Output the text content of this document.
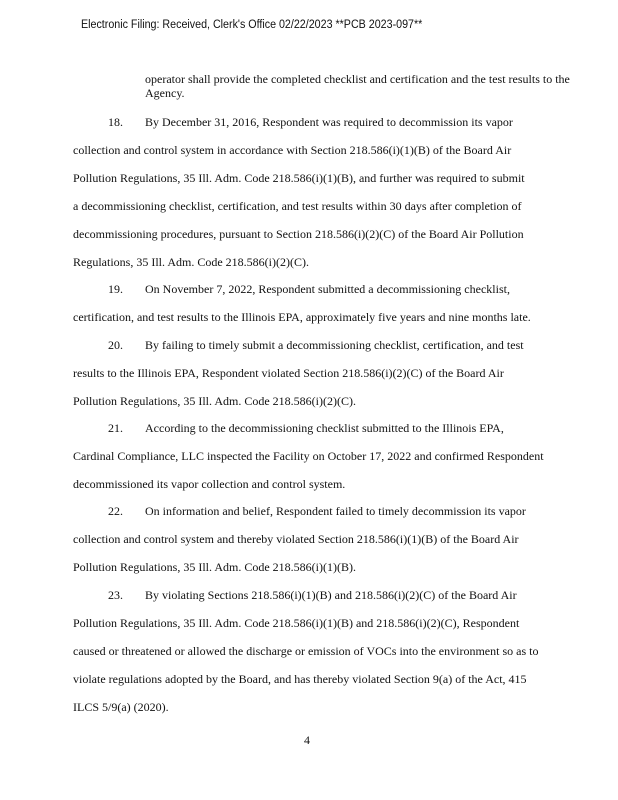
Electronic Filing: Received, Clerk's Office 02/22/2023 **PCB 2023-097**
operator shall provide the completed checklist and certification and the test results to the Agency.
18. By December 31, 2016, Respondent was required to decommission its vapor
collection and control system in accordance with Section 218.586(i)(1)(B) of the Board Air
Pollution Regulations, 35 Ill. Adm. Code 218.586(i)(1)(B), and further was required to submit
a decommissioning checklist, certification, and test results within 30 days after completion of
decommissioning procedures, pursuant to Section 218.586(i)(2)(C) of the Board Air Pollution
Regulations, 35 Ill. Adm. Code 218.586(i)(2)(C).
19. On November 7, 2022, Respondent submitted a decommissioning checklist,
certification, and test results to the Illinois EPA, approximately five years and nine months late.
20. By failing to timely submit a decommissioning checklist, certification, and test
results to the Illinois EPA, Respondent violated Section 218.586(i)(2)(C) of the Board Air
Pollution Regulations, 35 Ill. Adm. Code 218.586(i)(2)(C).
21. According to the decommissioning checklist submitted to the Illinois EPA,
Cardinal Compliance, LLC inspected the Facility on October 17, 2022 and confirmed Respondent
decommissioned its vapor collection and control system.
22. On information and belief, Respondent failed to timely decommission its vapor
collection and control system and thereby violated Section 218.586(i)(1)(B) of the Board Air
Pollution Regulations, 35 Ill. Adm. Code 218.586(i)(1)(B).
23. By violating Sections 218.586(i)(1)(B) and 218.586(i)(2)(C) of the Board Air
Pollution Regulations, 35 Ill. Adm. Code 218.586(i)(1)(B) and 218.586(i)(2)(C), Respondent
caused or threatened or allowed the discharge or emission of VOCs into the environment so as to
violate regulations adopted by the Board, and has thereby violated Section 9(a) of the Act, 415
ILCS 5/9(a) (2020).
4
